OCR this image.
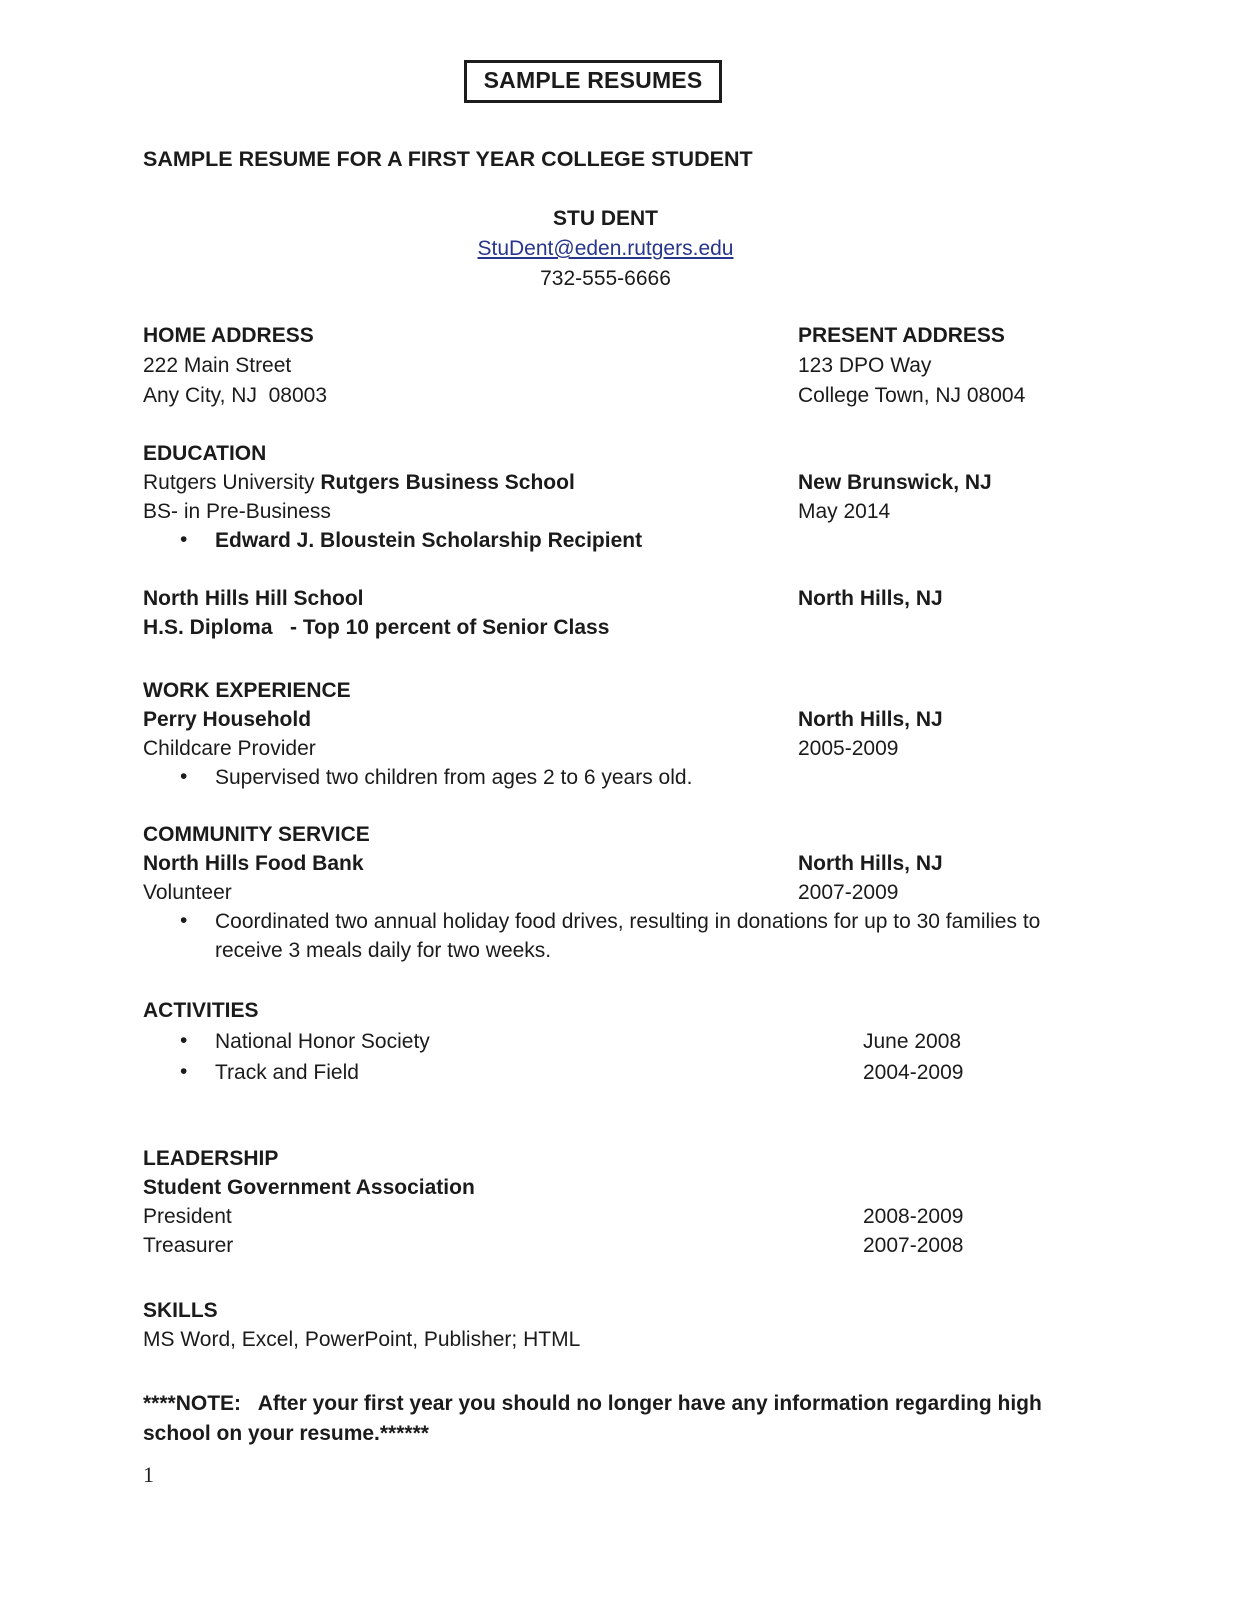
SAMPLE RESUMES
SAMPLE RESUME FOR A FIRST YEAR COLLEGE STUDENT
STU DENT
StuDent@eden.rutgers.edu
732-555-6666
HOME ADDRESS	PRESENT ADDRESS
222 Main Street	123 DPO Way
Any City, NJ  08003	College Town, NJ 08004
EDUCATION
Rutgers University Rutgers Business School	New Brunswick, NJ
BS- in Pre-Business	May 2014
• Edward J. Bloustein Scholarship Recipient
North Hills Hill School	North Hills, NJ
H.S. Diploma   - Top 10 percent of Senior Class
WORK EXPERIENCE
Perry Household	North Hills, NJ
Childcare Provider	2005-2009
• Supervised two children from ages 2 to 6 years old.
COMMUNITY SERVICE
North Hills Food Bank	North Hills, NJ
Volunteer	2007-2009
• Coordinated two annual holiday food drives, resulting in donations for up to 30 families to receive 3 meals daily for two weeks.
ACTIVITIES
• National Honor Society	June 2008
• Track and Field	2004-2009
LEADERSHIP
Student Government Association
President	2008-2009
Treasurer	2007-2008
SKILLS
MS Word, Excel, PowerPoint, Publisher; HTML
****NOTE:   After your first year you should no longer have any information regarding high school on your resume.******
1
